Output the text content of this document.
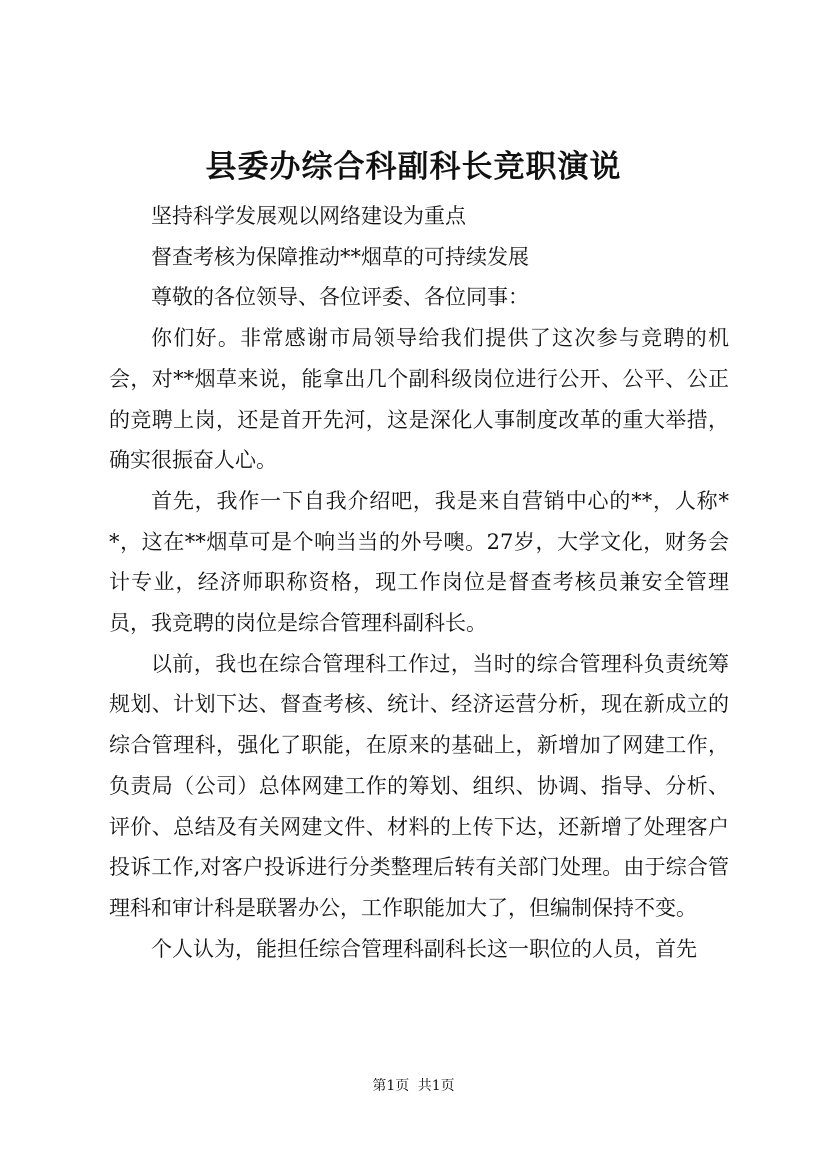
县委办综合科副科长竞职演说

坚持科学发展观以网络建设为重点

督查考核为保障推动**烟草的可持续发展

尊敬的各位领导、各位评委、各位同事：

你们好。非常感谢市局领导给我们提供了这次参与竞聘的机会，对**烟草来说，能拿出几个副科级岗位进行公开、公平、公正的竞聘上岗，还是首开先河，这是深化人事制度改革的重大举措，确实很振奋人心。

首先，我作一下自我介绍吧，我是来自营销中心的**，人称**，这在**烟草可是个响当当的外号噢。27岁，大学文化，财务会计专业，经济师职称资格，现工作岗位是督查考核员兼安全管理员，我竞聘的岗位是综合管理科副科长。

以前，我也在综合管理科工作过，当时的综合管理科负责统筹规划、计划下达、督查考核、统计、经济运营分析，现在新成立的综合管理科，强化了职能，在原来的基础上，新增加了网建工作，负责局（公司）总体网建工作的筹划、组织、协调、指导、分析、评价、总结及有关网建文件、材料的上传下达，还新增了处理客户投诉工作,对客户投诉进行分类整理后转有关部门处理。由于综合管理科和审计科是联署办公，工作职能加大了，但编制保持不变。

个人认为，能担任综合管理科副科长这一职位的人员，首先

第1页 共1页
